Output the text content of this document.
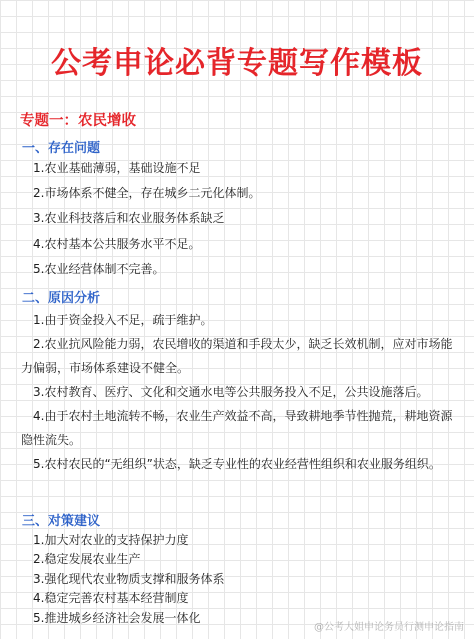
公考申论必背专题写作模板
专题一：农民增收
一、存在问题
1.农业基础薄弱，基础设施不足
2.市场体系不健全，存在城乡二元化体制。
3.农业科技落后和农业服务体系缺乏
4.农村基本公共服务水平不足。
5.农业经营体制不完善。
二、原因分析
1.由于资金投入不足，疏于维护。
2.农业抗风险能力弱，农民增收的渠道和手段太少，缺乏长效机制，应对市场能力偏弱，市场体系建设不健全。
3.农村教育、医疗、文化和交通水电等公共服务投入不足，公共设施落后。
4.由于农村土地流转不畅，农业生产效益不高，导致耕地季节性抛荒，耕地资源隐性流失。
5.农村农民的“无组织”状态，缺乏专业性的农业经营性组织和农业服务组织。
三、对策建议
1.加大对农业的支持保护力度
2.稳定发展农业生产
3.强化现代农业物质支撑和服务体系
4.稳定完善农村基本经营制度
5.推进城乡经济社会发展一体化
@公考大姐申论务员行测申论指南
